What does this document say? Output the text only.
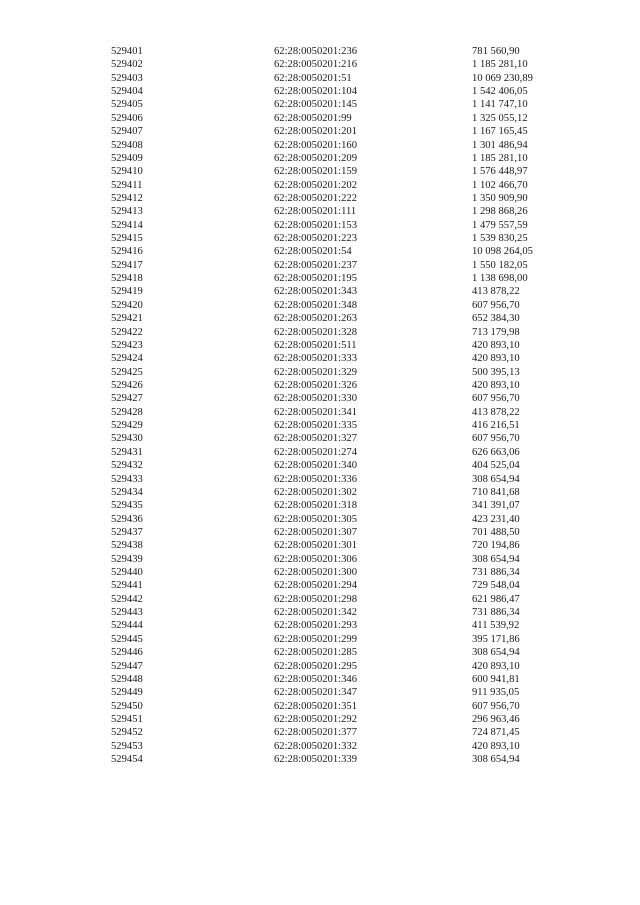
529401	62:28:0050201:236	781 560,90
529402	62:28:0050201:216	1 185 281,10
529403	62:28:0050201:51	10 069 230,89
529404	62:28:0050201:104	1 542 406,05
529405	62:28:0050201:145	1 141 747,10
529406	62:28:0050201:99	1 325 055,12
529407	62:28:0050201:201	1 167 165,45
529408	62:28:0050201:160	1 301 486,94
529409	62:28:0050201:209	1 185 281,10
529410	62:28:0050201:159	1 576 448,97
529411	62:28:0050201:202	1 102 466,70
529412	62:28:0050201:222	1 350 909,90
529413	62:28:0050201:111	1 298 868,26
529414	62:28:0050201:153	1 479 557,59
529415	62:28:0050201:223	1 539 830,25
529416	62:28:0050201:54	10 098 264,05
529417	62:28:0050201:237	1 550 182,05
529418	62:28:0050201:195	1 138 698,00
529419	62:28:0050201:343	413 878,22
529420	62:28:0050201:348	607 956,70
529421	62:28:0050201:263	652 384,30
529422	62:28:0050201:328	713 179,98
529423	62:28:0050201:511	420 893,10
529424	62:28:0050201:333	420 893,10
529425	62:28:0050201:329	500 395,13
529426	62:28:0050201:326	420 893,10
529427	62:28:0050201:330	607 956,70
529428	62:28:0050201:341	413 878,22
529429	62:28:0050201:335	416 216,51
529430	62:28:0050201:327	607 956,70
529431	62:28:0050201:274	626 663,06
529432	62:28:0050201:340	404 525,04
529433	62:28:0050201:336	308 654,94
529434	62:28:0050201:302	710 841,68
529435	62:28:0050201:318	341 391,07
529436	62:28:0050201:305	423 231,40
529437	62:28:0050201:307	701 488,50
529438	62:28:0050201:301	720 194,86
529439	62:28:0050201:306	308 654,94
529440	62:28:0050201:300	731 886,34
529441	62:28:0050201:294	729 548,04
529442	62:28:0050201:298	621 986,47
529443	62:28:0050201:342	731 886,34
529444	62:28:0050201:293	411 539,92
529445	62:28:0050201:299	395 171,86
529446	62:28:0050201:285	308 654,94
529447	62:28:0050201:295	420 893,10
529448	62:28:0050201:346	600 941,81
529449	62:28:0050201:347	911 935,05
529450	62:28:0050201:351	607 956,70
529451	62:28:0050201:292	296 963,46
529452	62:28:0050201:377	724 871,45
529453	62:28:0050201:332	420 893,10
529454	62:28:0050201:339	308 654,94
